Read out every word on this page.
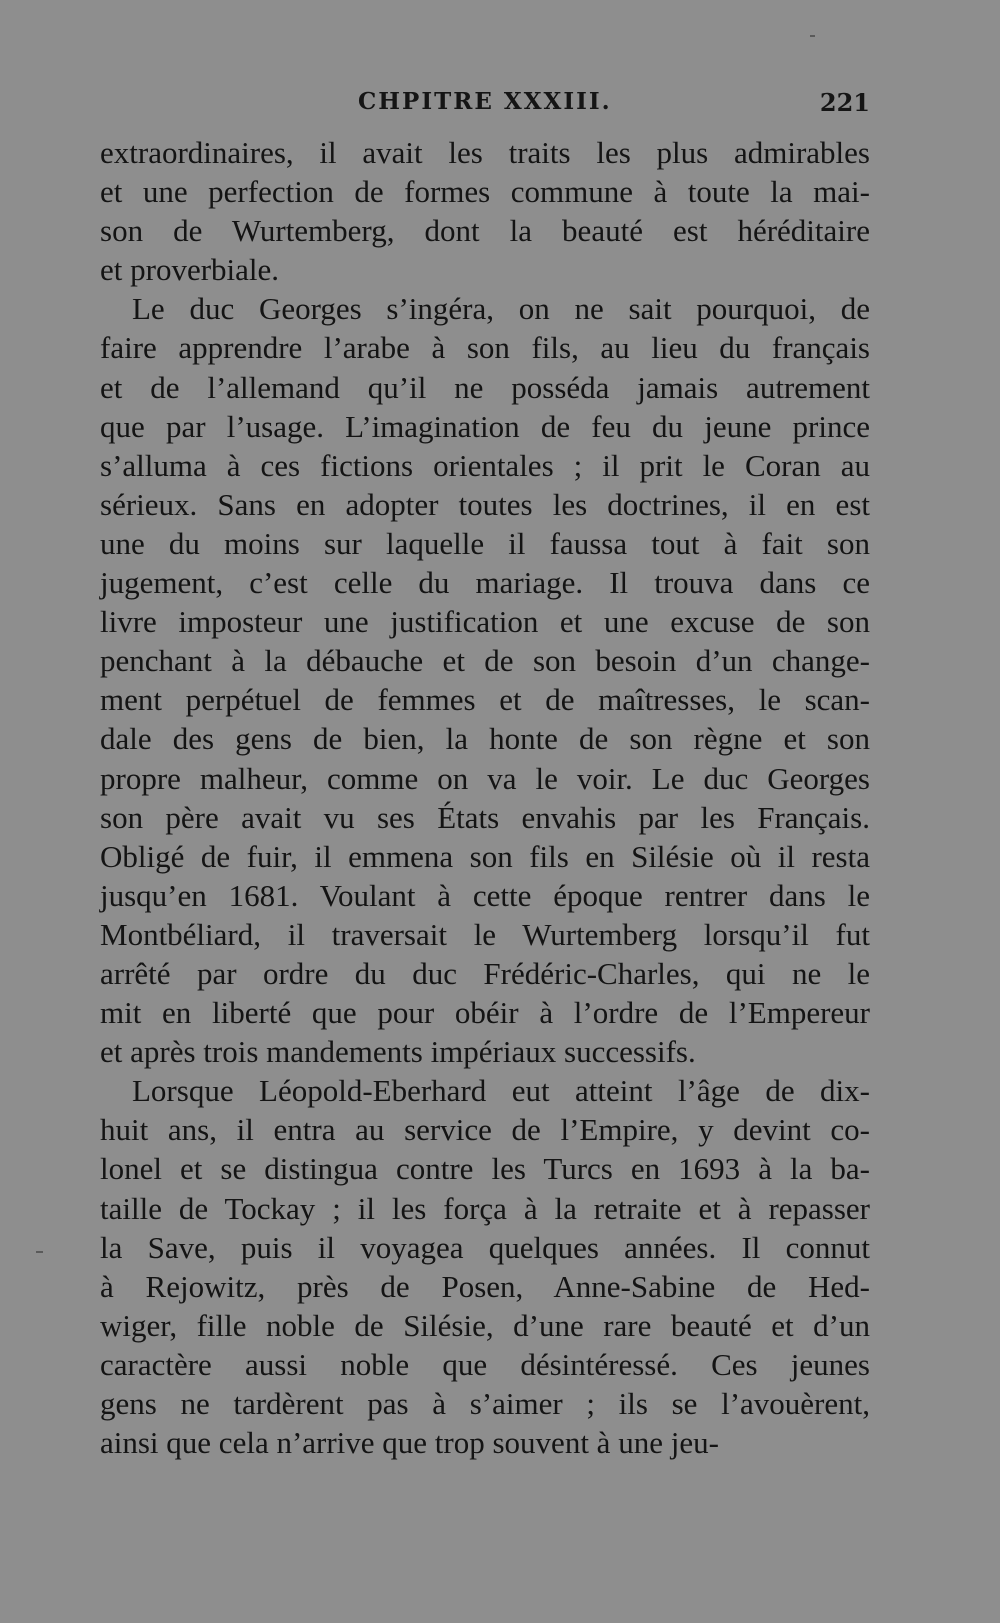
CHPITRE XXXIII.	221
extraordinaires, il avait les traits les plus admirables
et une perfection de formes commune à toute la mai-
son de Wurtemberg, dont la beauté est héréditaire
et proverbiale.
Le duc Georges s’ingéra, on ne sait pourquoi, de
faire apprendre l’arabe à son fils, au lieu du français
et de l’allemand qu’il ne posséda jamais autrement
que par l’usage. L’imagination de feu du jeune prince
s’alluma à ces fictions orientales ; il prit le Coran au
sérieux. Sans en adopter toutes les doctrines, il en est
une du moins sur laquelle il faussa tout à fait son
jugement, c’est celle du mariage. Il trouva dans ce
livre imposteur une justification et une excuse de son
penchant à la débauche et de son besoin d’un change-
ment perpétuel de femmes et de maîtresses, le scan-
dale des gens de bien, la honte de son règne et son
propre malheur, comme on va le voir. Le duc Georges
son père avait vu ses États envahis par les Français.
Obligé de fuir, il emmena son fils en Silésie où il resta
jusqu’en 1681. Voulant à cette époque rentrer dans le
Montbéliard, il traversait le Wurtemberg lorsqu’il fut
arrêté par ordre du duc Frédéric-Charles, qui ne le
mit en liberté que pour obéir à l’ordre de l’Empereur
et après trois mandements impériaux successifs.
Lorsque Léopold-Eberhard eut atteint l’âge de dix-
huit ans, il entra au service de l’Empire, y devint co-
lonel et se distingua contre les Turcs en 1693 à la ba-
taille de Tockay ; il les força à la retraite et à repasser
la Save, puis il voyagea quelques années. Il connut
à Rejowitz, près de Posen, Anne-Sabine de Hed-
wiger, fille noble de Silésie, d’une rare beauté et d’un
caractère aussi noble que désintéressé. Ces jeunes
gens ne tardèrent pas à s’aimer ; ils se l’avouèrent,
ainsi que cela n’arrive que trop souvent à une jeu-
